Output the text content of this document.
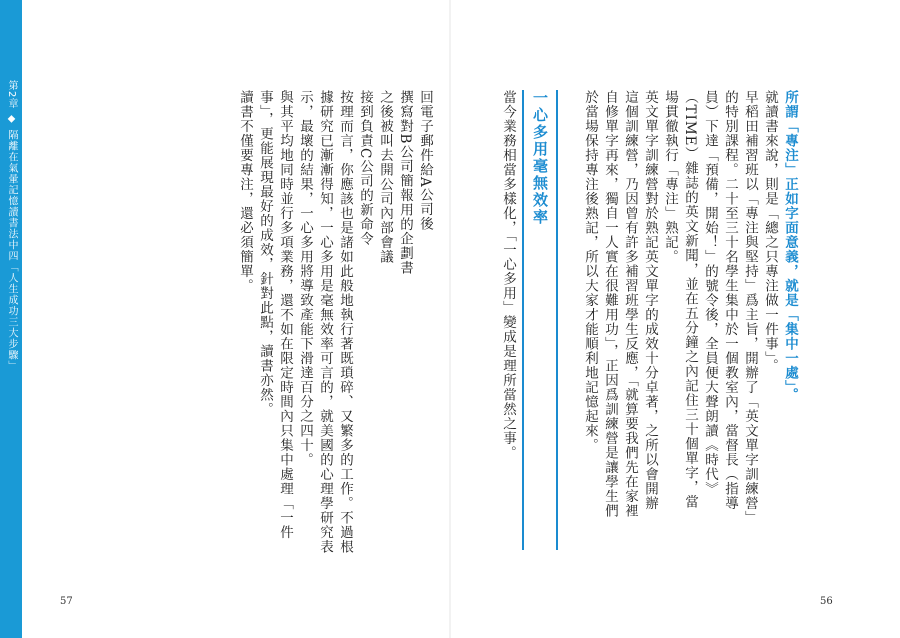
第2章 ◆ 隔離在氣暈記憶讀書法中四「人生成功三大步驟」	所謂「專注」正如字面意義，就是「集中一處」。
就讀書來說，則是「總之只專注做一件事」。
早稻田補習班以「專注與堅持」爲主旨，開辦了「英文單字訓練營」的特別課程。二十至三十名學生集中於一個教室內，當督長（指導員）下達「預備，開始！」的號令後，全員便大聲朗讀《時代》（TIME）雜誌的英文新聞，並在五分鐘之內記住三十個單字，當場貫徹執行「專注」熟記。
英文單字訓練營對於熟記英文單字的成效十分卓著，之所以會開辦這個訓練營，乃因曾有許多補習班學生反應，「就算要我們先在家裡自修單字再來，獨自一人實在很難用功」，正因爲訓練營是讓學生們於當場保持專注後熟記，所以大家才能順利地記憶起來。
一心多用毫無效率
當今業務相當多樣化，「一心多用」變成是理所當然之事。
56
回電子郵件給A公司後
撰寫對B公司簡報用的企劃書
之後被叫去開公司內部會議
接到負責C公司的新命令
按理而言，你應該也是諸如此般地執行著既瑣碎、又繁多的工作。不過根據研究已漸漸得知，一心多用是毫無效率可言的，就美國的心理學研究表示，最壞的結果，一心多用將導致產能下滑達百分之四十。
與其平均地同時並行多項業務，還不如在限定時間內只集中處理「一件事」，更能展現最好的成效，針對此點，讀書亦然。
讀書不僅要專注，還必須簡單。
57
